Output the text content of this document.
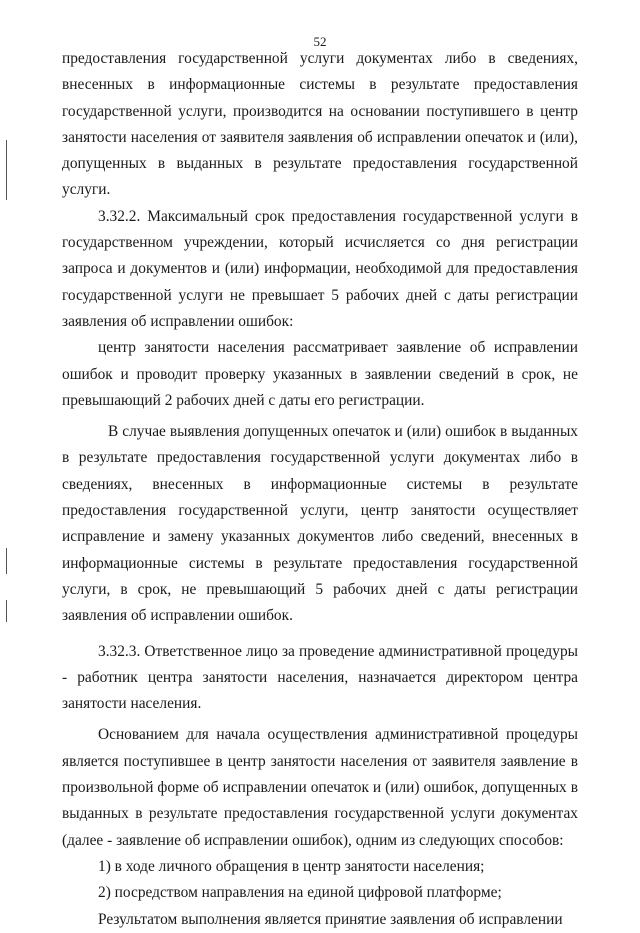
52

предоставления государственной услуги документах либо в сведениях, внесенных в информационные системы в результате предоставления государственной услуги, производится на основании поступившего в центр занятости населения от заявителя заявления об исправлении опечаток и (или), допущенных в выданных в результате предоставления государственной услуги.

3.32.2. Максимальный срок предоставления государственной услуги в государственном учреждении, который исчисляется со дня регистрации запроса и документов и (или) информации, необходимой для предоставления государственной услуги не превышает 5 рабочих дней с даты регистрации заявления об исправлении ошибок:

центр занятости населения рассматривает заявление об исправлении ошибок и проводит проверку указанных в заявлении сведений в срок, не превышающий 2 рабочих дней с даты его регистрации.

В случае выявления допущенных опечаток и (или) ошибок в выданных в результате предоставления государственной услуги документах либо в сведениях, внесенных в информационные системы в результате предоставления государственной услуги, центр занятости осуществляет исправление и замену указанных документов либо сведений, внесенных в информационные системы в результате предоставления государственной услуги, в срок, не превышающий 5 рабочих дней с даты регистрации заявления об исправлении ошибок.

3.32.3. Ответственное лицо за проведение административной процедуры - работник центра занятости населения, назначается директором центра занятости населения.

Основанием для начала осуществления административной процедуры является поступившее в центр занятости населения от заявителя заявление в произвольной форме об исправлении опечаток и (или) ошибок, допущенных в выданных в результате предоставления государственной услуги документах (далее - заявление об исправлении ошибок), одним из следующих способов:

1) в ходе личного обращения в центр занятости населения;

2) посредством направления на единой цифровой платформе;

Результатом выполнения является принятие заявления об исправлении
